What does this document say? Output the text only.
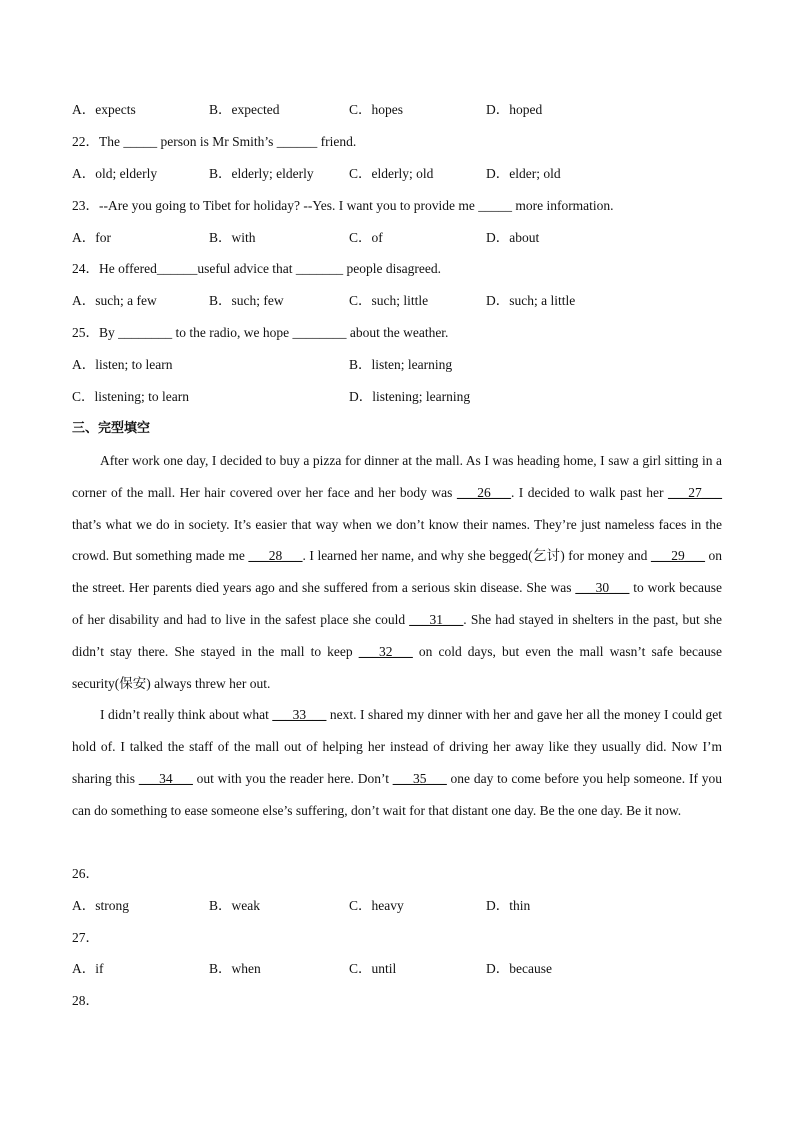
A．expects	B．expected	C．hopes	D．hoped
22．The _____ person is Mr Smith’s ______ friend.
A．old; elderly	B．elderly; elderly	C．elderly; old	D．elder; old
23．--Are you going to Tibet for holiday? --Yes. I want you to provide me _____ more information.
A．for	B．with	C．of	D．about
24．He offered______useful advice that _______ people disagreed.
A．such; a few	B．such; few	C．such; little	D．such; a little
25．By ________ to the radio, we hope ________ about the weather.
A．listen; to learn	B．listen; learning
C．listening; to learn	D．listening; learning
三、完型填空

After work one day, I decided to buy a pizza for dinner at the mall. As I was heading home, I saw a girl sitting in a corner of the mall. Her hair covered over her face and her body was ___26___. I decided to walk past her ___27___ that’s what we do in society. It’s easier that way when we don’t know their names. They’re just nameless faces in the crowd. But something made me ___28___. I learned her name, and why she begged(乞讨) for money and ___29___ on the street. Her parents died years ago and she suffered from a serious skin disease. She was ___30___ to work because of her disability and had to live in the safest place she could ___31___. She had stayed in shelters in the past, but she didn’t stay there. She stayed in the mall to keep ___32___ on cold days, but even the mall wasn’t safe because security(保安) always threw her out.

I didn’t really think about what ___33___ next. I shared my dinner with her and gave her all the money I could get hold of. I talked the staff of the mall out of helping her instead of driving her away like they usually did. Now I’m sharing this ___34___ out with you the reader here. Don’t ___35___ one day to come before you help someone. If you can do something to ease someone else’s suffering, don’t wait for that distant one day. Be the one day. Be it now.

26．
A．strong	B．weak	C．heavy	D．thin
27．
A．if	B．when	C．until	D．because
28．
